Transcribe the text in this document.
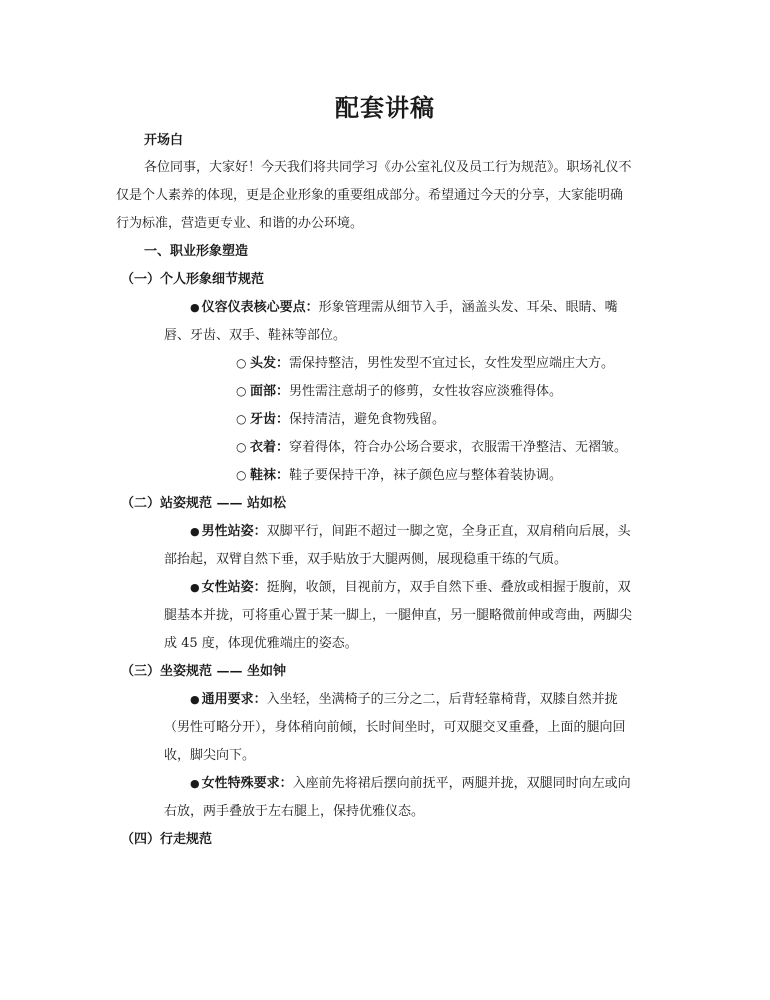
配套讲稿
开场白
各位同事，大家好！今天我们将共同学习《办公室礼仪及员工行为规范》。职场礼仪不
仅是个人素养的体现，更是企业形象的重要组成部分。希望通过今天的分享，大家能明确
行为标准，营造更专业、和谐的办公环境。
一、职业形象塑造
（一）个人形象细节规范
● 仪容仪表核心要点：形象管理需从细节入手，涵盖头发、耳朵、眼睛、嘴
唇、牙齿、双手、鞋袜等部位。
○ 头发：需保持整洁，男性发型不宜过长，女性发型应端庄大方。
○ 面部：男性需注意胡子的修剪，女性妆容应淡雅得体。
○ 牙齿：保持清洁，避免食物残留。
○ 衣着：穿着得体，符合办公场合要求，衣服需干净整洁、无褶皱。
○ 鞋袜：鞋子要保持干净，袜子颜色应与整体着装协调。
（二）站姿规范 —— 站如松
● 男性站姿：双脚平行，间距不超过一脚之宽，全身正直，双肩稍向后展，头
部抬起，双臂自然下垂，双手贴放于大腿两侧，展现稳重干练的气质。
● 女性站姿：挺胸，收颌，目视前方，双手自然下垂、叠放或相握于腹前，双
腿基本并拢，可将重心置于某一脚上，一腿伸直，另一腿略微前伸或弯曲，两脚尖
成 45 度，体现优雅端庄的姿态。
（三）坐姿规范 —— 坐如钟
● 通用要求：入坐轻，坐满椅子的三分之二，后背轻靠椅背，双膝自然并拢
（男性可略分开），身体稍向前倾，长时间坐时，可双腿交叉重叠，上面的腿向回
收，脚尖向下。
● 女性特殊要求：入座前先将裙后摆向前抚平，两腿并拢，双腿同时向左或向
右放，两手叠放于左右腿上，保持优雅仪态。
（四）行走规范
